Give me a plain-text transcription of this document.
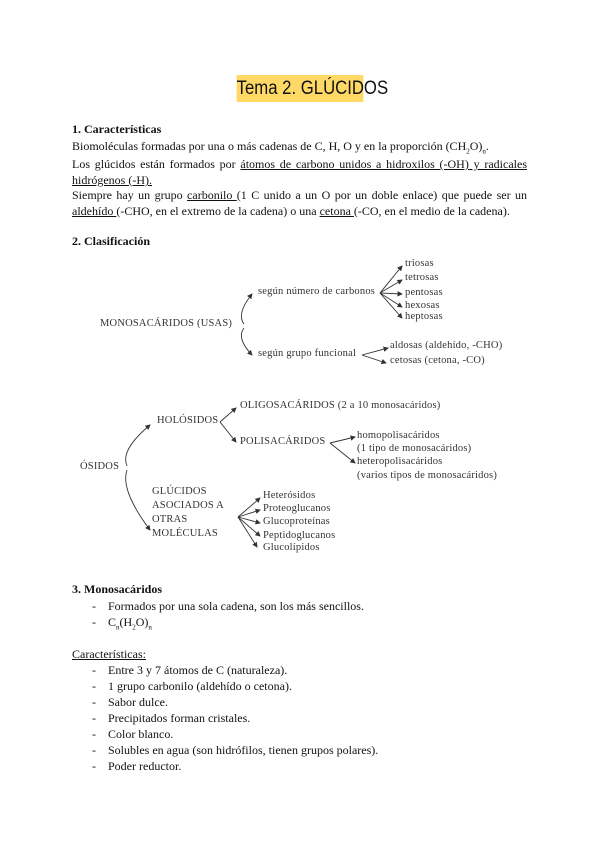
Tema 2. GLÚCIDOS
1. Características
Biomoléculas formadas por una o más cadenas de C, H, O y en la proporción $(CH_2O)_n$.
Los glúcidos están formados por átomos de carbono unidos a hidroxilos (-OH) y radicales hidrógenos (-H).
Siempre hay un grupo carbonilo (1 C unido a un O por un doble enlace) que puede ser un aldehído (-CHO, en el extremo de la cadena) o una cetona (-CO, en el medio de la cadena).
2. Clasificación
MONOSACÁRIDOS (USAS)
según número de carbonos
triosas
tetrosas
pentosas
hexosas
heptosas
según grupo funcional
aldosas (aldehído, -CHO)
cetosas (cetona, -CO)
ÓSIDOS
HOLÓSIDOS
OLIGOSACÁRIDOS (2 a 10 monosacáridos)
POLISACÁRIDOS
homopolisacáridos
(1 tipo de monosacáridos)
heteropolisacáridos
(varios tipos de monosacáridos)
GLÚCIDOS
ASOCIADOS A
OTRAS
MOLÉCULAS
Heterósidos
Proteoglucanos
Glucoproteínas
Peptidoglucanos
Glucolípidos
3. Monosacáridos
- Formados por una sola cadena, son los más sencillos.
- $C_n(H_2O)_n$
Características:
- Entre 3 y 7 átomos de C (naturaleza).
- 1 grupo carbonilo (aldehído o cetona).
- Sabor dulce.
- Precipitados forman cristales.
- Color blanco.
- Solubles en agua (son hidrófilos, tienen grupos polares).
- Poder reductor.
